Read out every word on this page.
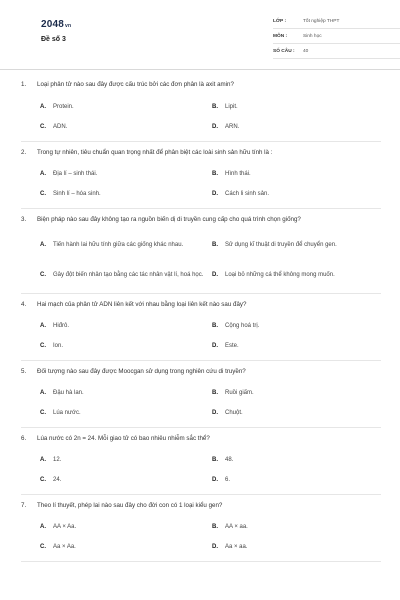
2048vn
Đề số 3
LỚP :	Tốt nghiệp THPT
MÔN :	Sinh học
SỐ CÂU :	40
1.	Loại phân tử nào sau đây được cấu trúc bởi các đơn phân là axit amin?
A.	Protein.	B.	Lipit.
C.	ADN.	D.	ARN.
2.	Trong tự nhiên, tiêu chuẩn quan trọng nhất để phân biệt các loài sinh sản hữu tính là :
A.	Địa lí – sinh thái.	B.	Hình thái.
C.	Sinh lí – hóa sinh.	D.	Cách li sinh sản.
3.	Biện pháp nào sau đây không tạo ra nguồn biến dị di truyền cung cấp cho quá trình chọn giống?
A.	Tiến hành lai hữu tính giữa các giống khác nhau.	B.	Sử dụng kĩ thuật di truyền để chuyển gen.
C.	Gây đột biến nhân tạo bằng các tác nhân vật lí, hoá học.	D.	Loại bỏ những cá thể không mong muốn.
4.	Hai mạch của phân tử ADN liên kết với nhau bằng loại liên kết nào sau đây?
A.	Hiđrô.	B.	Cộng hoá trị.
C.	Ion.	D.	Este.
5.	Đối tượng nào sau đây được Moocgan sử dụng trong nghiên cứu di truyền?
A.	Đậu hà lan.	B.	Ruồi giấm.
C.	Lúa nước.	D.	Chuột.
6.	Lúa nước có 2n = 24. Mỗi giao tử có bao nhiêu nhiễm sắc thể?
A.	12.	B.	48.
C.	24.	D.	6.
7.	Theo lí thuyết, phép lai nào sau đây cho đời con có 1 loại kiểu gen?
A.	AA × Aa.	B.	AA × aa.
C.	Aa × Aa.	D.	Aa × aa.
